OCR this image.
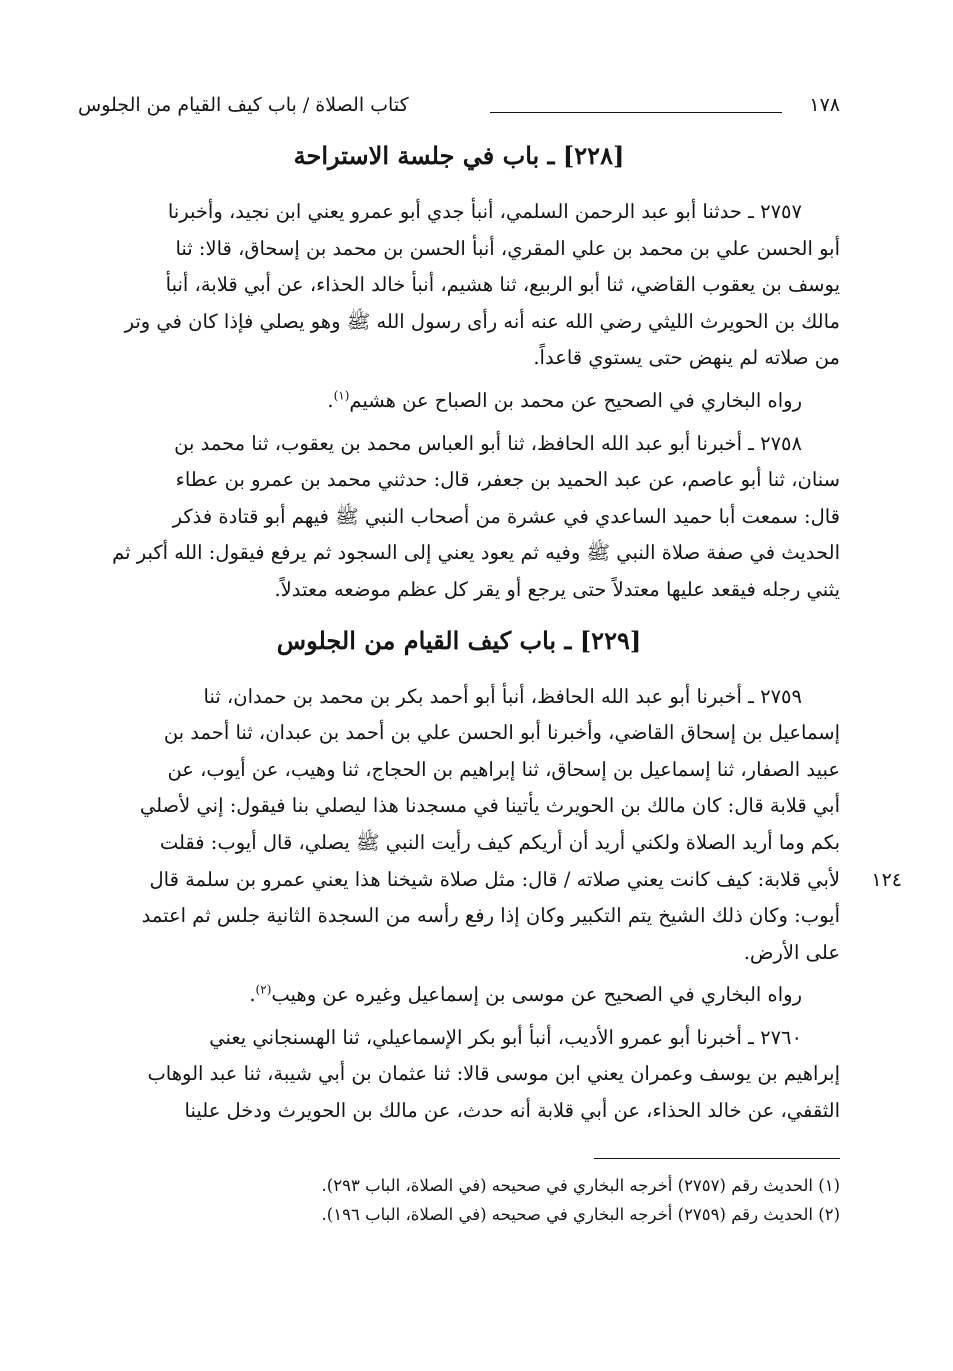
١٧٨
كتاب الصلاة / باب كيف القيام من الجلوس
[٢٢٨] ـ باب في جلسة الاستراحة
٢٧٥٧ ـ حدثنا أبو عبد الرحمن السلمي، أنبأ جدي أبو عمرو يعني ابن نجيد، وأخبرنا
أبو الحسن علي بن محمد بن علي المقري، أنبأ الحسن بن محمد بن إسحاق، قالا: ثنا
يوسف بن يعقوب القاضي، ثنا أبو الربيع، ثنا هشيم، أنبأ خالد الحذاء، عن أبي قلابة، أنبأ
مالك بن الحويرث الليثي رضي الله عنه أنه رأى رسول الله ﷺ وهو يصلي فإذا كان في وتر
من صلاته لم ينهض حتى يستوي قاعداً.
رواه البخاري في الصحيح عن محمد بن الصباح عن هشيم$^{(١)}$.
٢٧٥٨ ـ أخبرنا أبو عبد الله الحافظ، ثنا أبو العباس محمد بن يعقوب، ثنا محمد بن
سنان، ثنا أبو عاصم، عن عبد الحميد بن جعفر، قال: حدثني محمد بن عمرو بن عطاء
قال: سمعت أبا حميد الساعدي في عشرة من أصحاب النبي ﷺ فيهم أبو قتادة فذكر
الحديث في صفة صلاة النبي ﷺ وفيه ثم يعود يعني إلى السجود ثم يرفع فيقول: الله أكبر ثم
يثني رجله فيقعد عليها معتدلاً حتى يرجع أو يقر كل عظم موضعه معتدلاً.
[٢٢٩] ـ باب كيف القيام من الجلوس
٢٧٥٩ ـ أخبرنا أبو عبد الله الحافظ، أنبأ أبو أحمد بكر بن محمد بن حمدان، ثنا
إسماعيل بن إسحاق القاضي، وأخبرنا أبو الحسن علي بن أحمد بن عبدان، ثنا أحمد بن
عبيد الصفار، ثنا إسماعيل بن إسحاق، ثنا إبراهيم بن الحجاج، ثنا وهيب، عن أيوب، عن
أبي قلابة قال: كان مالك بن الحويرث يأتينا في مسجدنا هذا ليصلي بنا فيقول: إني لأصلي
بكم وما أريد الصلاة ولكني أريد أن أريكم كيف رأيت النبي ﷺ يصلي، قال أيوب: فقلت
لأبي قلابة: كيف كانت يعني صلاته / قال: مثل صلاة شيخنا هذا يعني عمرو بن سلمة قال
أيوب: وكان ذلك الشيخ يتم التكبير وكان إذا رفع رأسه من السجدة الثانية جلس ثم اعتمد
على الأرض.
١٢٤
رواه البخاري في الصحيح عن موسى بن إسماعيل وغيره عن وهيب$^{(٢)}$.
٢٧٦٠ ـ أخبرنا أبو عمرو الأديب، أنبأ أبو بكر الإسماعيلي، ثنا الهسنجاني يعني
إبراهيم بن يوسف وعمران يعني ابن موسى قالا: ثنا عثمان بن أبي شيبة، ثنا عبد الوهاب
الثقفي، عن خالد الحذاء، عن أبي قلابة أنه حدث، عن مالك بن الحويرث ودخل علينا

(١) الحديث رقم (٢٧٥٧) أخرجه البخاري في صحيحه (في الصلاة، الباب ٢٩٣).

(٢) الحديث رقم (٢٧٥٩) أخرجه البخاري في صحيحه (في الصلاة، الباب ١٩٦).
